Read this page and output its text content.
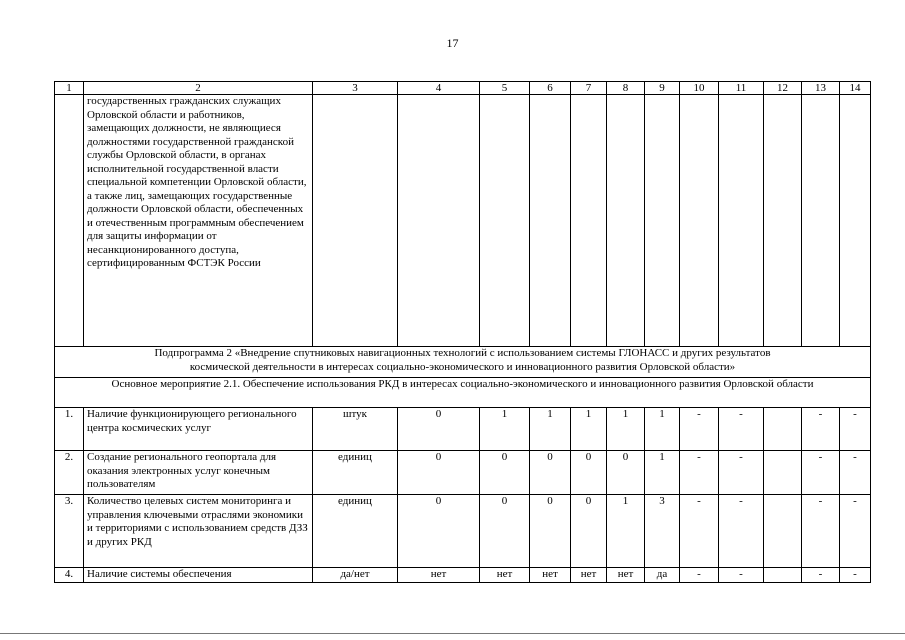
17
1	2	3	4	5	6	7	8	9	10	11	12	13	14
	государственных гражданских служащих Орловской области и работников, замещающих должности, не являющиеся должностями государственной гражданской службы Орловской области, в органах исполнительной государственной власти специальной компетенции Орловской области, а также лиц, замещающих государственные должности Орловской области, обеспеченных и отечественным программным обеспечением для защиты информации от несанкционированного доступа, сертифицированным ФСТЭК России												
Подпрограмма 2 «Внедрение спутниковых навигационных технологий с использованием системы ГЛОНАСС и других результатов космической деятельности в интересах социально-экономического и инновационного развития Орловской области»													
Основное мероприятие 2.1. Обеспечение использования РКД в интересах социально-экономического и инновационного развития Орловской области													
1.	Наличие функционирующего регионального центра космических услуг	штук	0	1	1	1	1	1	-	-		-	-
2.	Создание регионального геопортала для оказания электронных услуг конечным пользователям	единиц	0	0	0	0	0	1	-	-		-	-
3.	Количество целевых систем мониторинга и управления ключевыми отраслями экономики и территориями с использованием средств ДЗЗ и других РКД	единиц	0	0	0	0	1	3	-	-		-	-
4.	Наличие системы обеспечения	да/нет	нет	нет	нет	нет	нет	да	-	-		-	-
